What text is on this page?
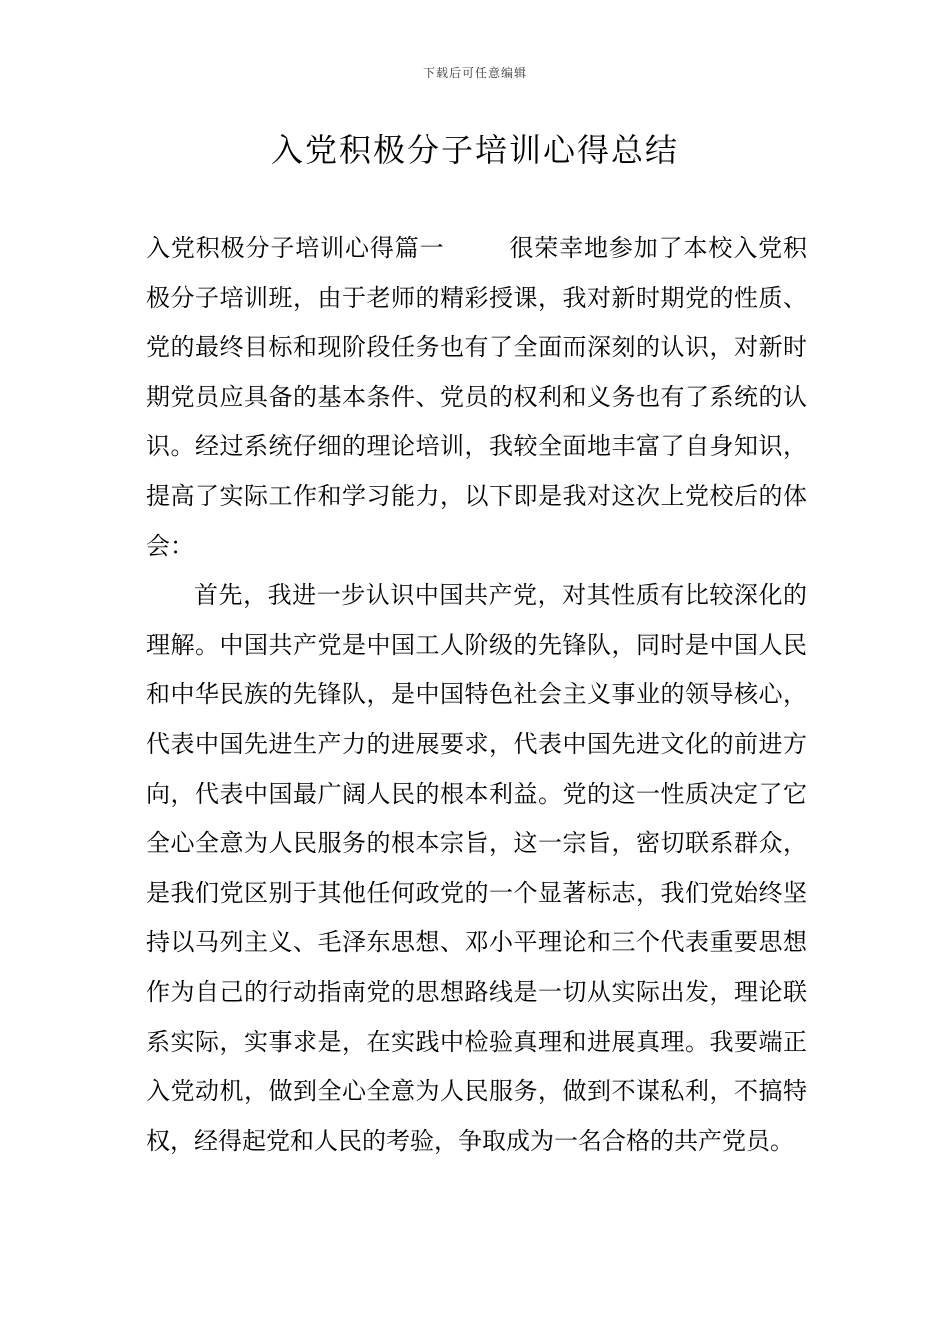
下载后可任意编辑
入党积极分子培训心得总结

入党积极分子培训心得篇一	很荣幸地参加了本校入党积极分子培训班，由于老师的精彩授课，我对新时期党的性质、党的最终目标和现阶段任务也有了全面而深刻的认识，对新时期党员应具备的基本条件、党员的权利和义务也有了系统的认识。经过系统仔细的理论培训，我较全面地丰富了自身知识，提高了实际工作和学习能力，以下即是我对这次上党校后的体会：

首先，我进一步认识中国共产党，对其性质有比较深化的理解。中国共产党是中国工人阶级的先锋队，同时是中国人民和中华民族的先锋队，是中国特色社会主义事业的领导核心，代表中国先进生产力的进展要求，代表中国先进文化的前进方向，代表中国最广阔人民的根本利益。党的这一性质决定了它全心全意为人民服务的根本宗旨，这一宗旨，密切联系群众，是我们党区别于其他任何政党的一个显著标志，我们党始终坚持以马列主义、毛泽东思想、邓小平理论和三个代表重要思想作为自己的行动指南党的思想路线是一切从实际出发，理论联系实际，实事求是，在实践中检验真理和进展真理。我要端正入党动机，做到全心全意为人民服务，做到不谋私利，不搞特权，经得起党和人民的考验，争取成为一名合格的共产党员。
